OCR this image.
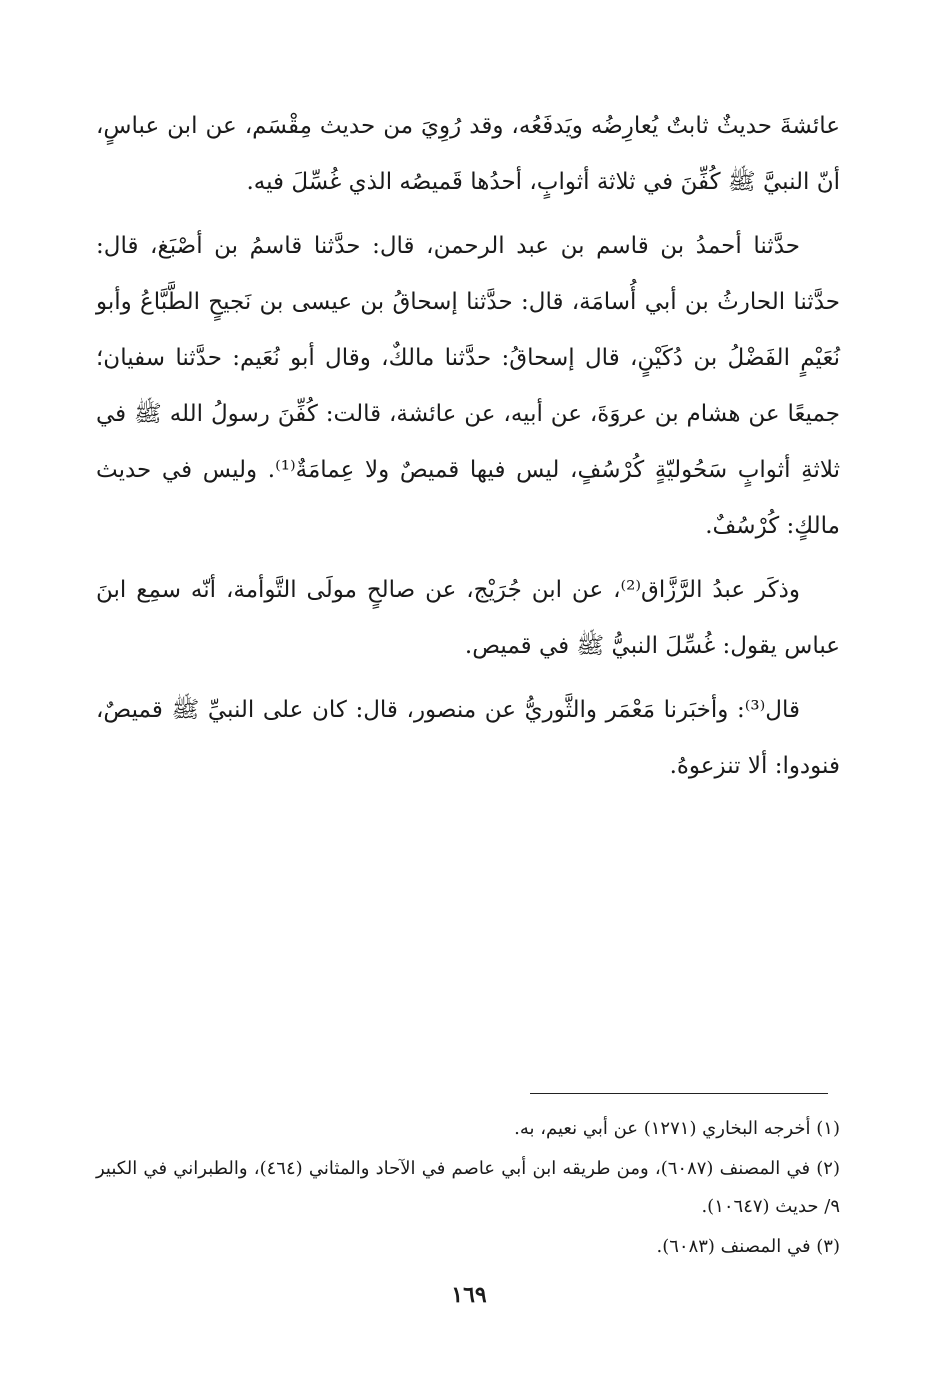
عائشةَ حديثٌ ثابتٌ يُعارِضُه ويَدفَعُه، وقد رُوِيَ من حديث مِقْسَم، عن ابن عباسٍ، أنّ النبيَّ ﷺ كُفِّنَ في ثلاثة أثوابٍ، أحدُها قَميصُه الذي غُسِّلَ فيه.

حدَّثنا أحمدُ بن قاسم بن عبد الرحمن، قال: حدَّثنا قاسمُ بن أصْبَغ، قال: حدَّثنا الحارثُ بن أبي أُسامَة، قال: حدَّثنا إسحاقُ بن عيسى بن نَجيحٍ الطَّبَّاعُ وأبو نُعَيْمٍ الفَضْلُ بن دُكَيْنٍ، قال إسحاقُ: حدَّثنا مالكٌ، وقال أبو نُعَيم: حدَّثنا سفيان؛ جميعًا عن هشام بن عروَةَ، عن أبيه، عن عائشة، قالت: كُفِّنَ رسولُ الله ﷺ في ثلاثةِ أثوابٍ سَحُوليّةٍ كُرْسُفٍ، ليس فيها قميصٌ ولا عِمامَةٌ⁽¹⁾. وليس في حديث مالكٍ: كُرْسُفٌ.

وذكَر عبدُ الرَّزَّاق⁽²⁾، عن ابن جُرَيْج، عن صالحٍ مولَى التَّوأمة، أنّه سمِع ابنَ عباس يقول: غُسِّلَ النبيُّ ﷺ في قميص.

قال⁽³⁾: وأخبَرنا مَعْمَر والثَّوريُّ عن منصور، قال: كان على النبيِّ ﷺ قميصٌ، فنودوا: ألا تنزعوهُ.

(١) أخرجه البخاري (١٢٧١) عن أبي نعيم، به.

(٢) في المصنف (٦٠٨٧)، ومن طريقه ابن أبي عاصم في الآحاد والمثاني (٤٦٤)، والطبراني في الكبير ٩/ حديث (١٠٦٤٧).

(٣) في المصنف (٦٠٨٣).

١٦٩
